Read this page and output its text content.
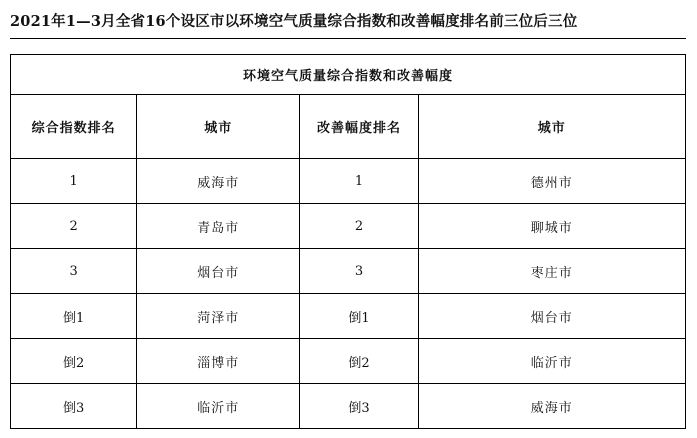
2021年1—3月全省16个设区市以环境空气质量综合指数和改善幅度排名前三位后三位
环境空气质量综合指数和改善幅度			
综合指数排名	城市	改善幅度排名	城市
1	威海市	1	德州市
2	青岛市	2	聊城市
3	烟台市	3	枣庄市
倒1	菏泽市	倒1	烟台市
倒2	淄博市	倒2	临沂市
倒3	临沂市	倒3	威海市
